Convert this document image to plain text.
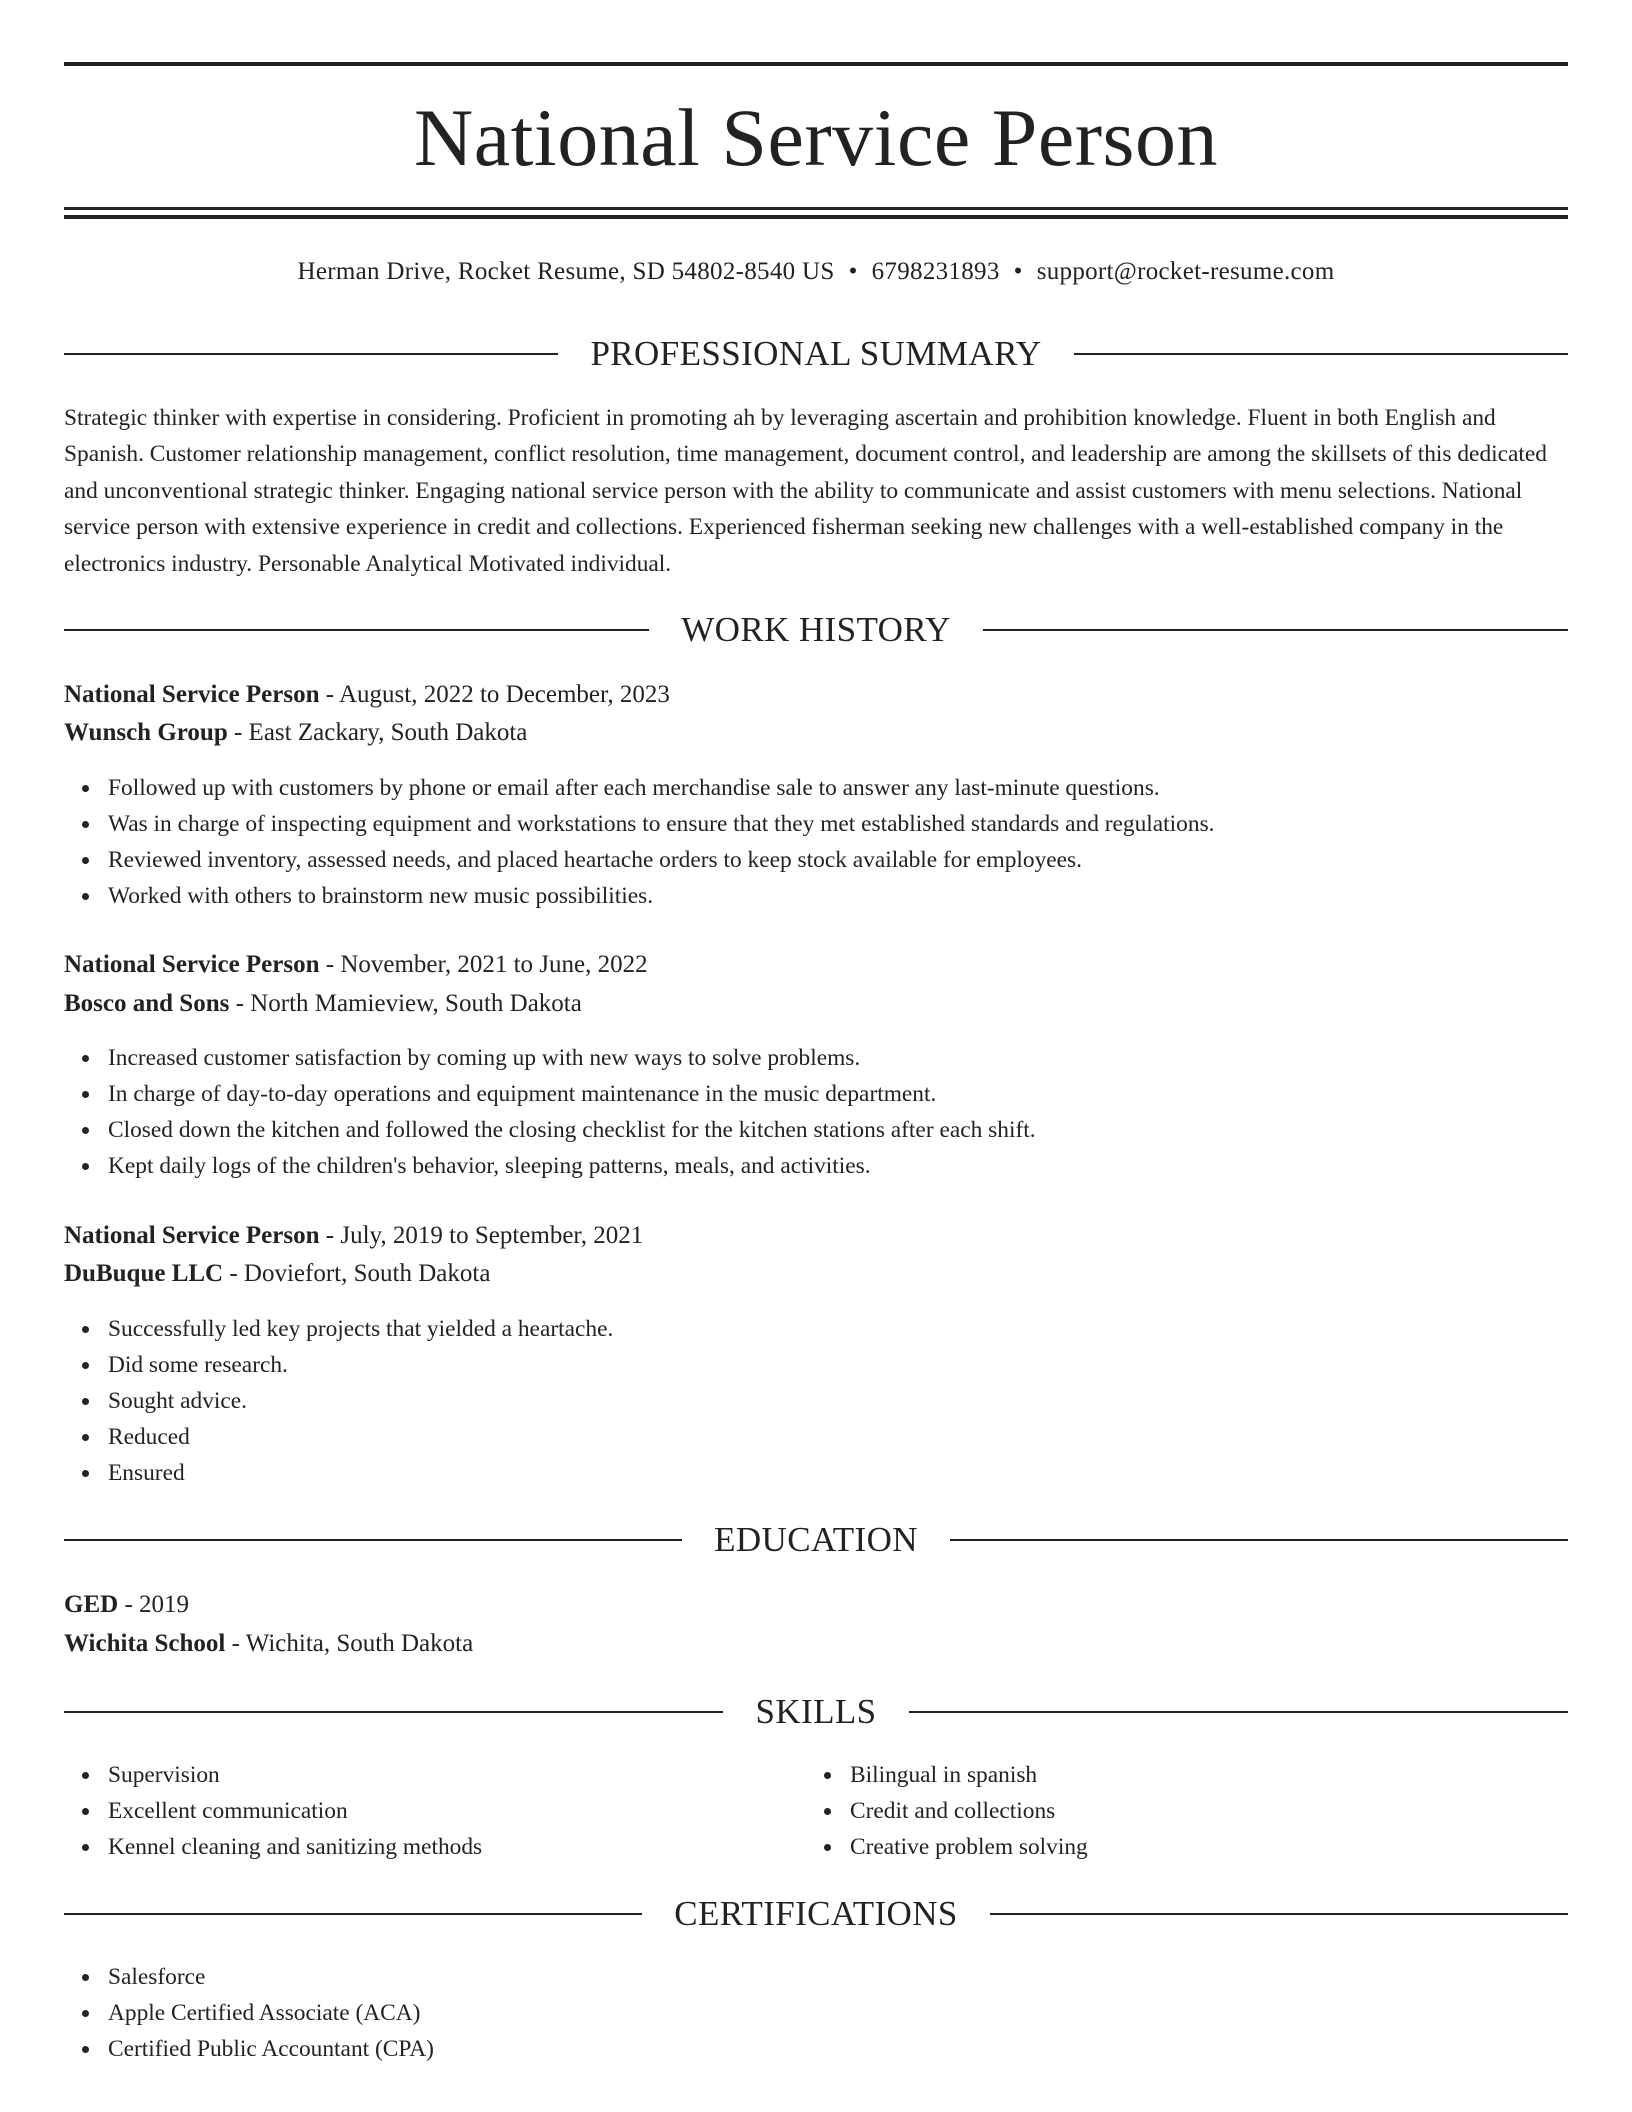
National Service Person
Herman Drive, Rocket Resume, SD 54802-8540 US • 6798231893 • support@rocket-resume.com
PROFESSIONAL SUMMARY

Strategic thinker with expertise in considering. Proficient in promoting ah by leveraging ascertain and prohibition knowledge. Fluent in both English and Spanish. Customer relationship management, conflict resolution, time management, document control, and leadership are among the skillsets of this dedicated and unconventional strategic thinker. Engaging national service person with the ability to communicate and assist customers with menu selections. National service person with extensive experience in credit and collections. Experienced fisherman seeking new challenges with a well-established company in the electronics industry. Personable Analytical Motivated individual.

WORK HISTORY
National Service Person - August, 2022 to December, 2023
Wunsch Group - East Zackary, South Dakota
Followed up with customers by phone or email after each merchandise sale to answer any last-minute questions.
Was in charge of inspecting equipment and workstations to ensure that they met established standards and regulations.
Reviewed inventory, assessed needs, and placed heartache orders to keep stock available for employees.
Worked with others to brainstorm new music possibilities.
National Service Person - November, 2021 to June, 2022
Bosco and Sons - North Mamieview, South Dakota
Increased customer satisfaction by coming up with new ways to solve problems.
In charge of day-to-day operations and equipment maintenance in the music department.
Closed down the kitchen and followed the closing checklist for the kitchen stations after each shift.
Kept daily logs of the children's behavior, sleeping patterns, meals, and activities.
National Service Person - July, 2019 to September, 2021
DuBuque LLC - Doviefort, South Dakota
Successfully led key projects that yielded a heartache.
Did some research.
Sought advice.
Reduced
Ensured
EDUCATION
GED - 2019
Wichita School - Wichita, South Dakota
SKILLS
Supervision
Excellent communication
Kennel cleaning and sanitizing methods
Bilingual in spanish
Credit and collections
Creative problem solving
CERTIFICATIONS
Salesforce
Apple Certified Associate (ACA)
Certified Public Accountant (CPA)
